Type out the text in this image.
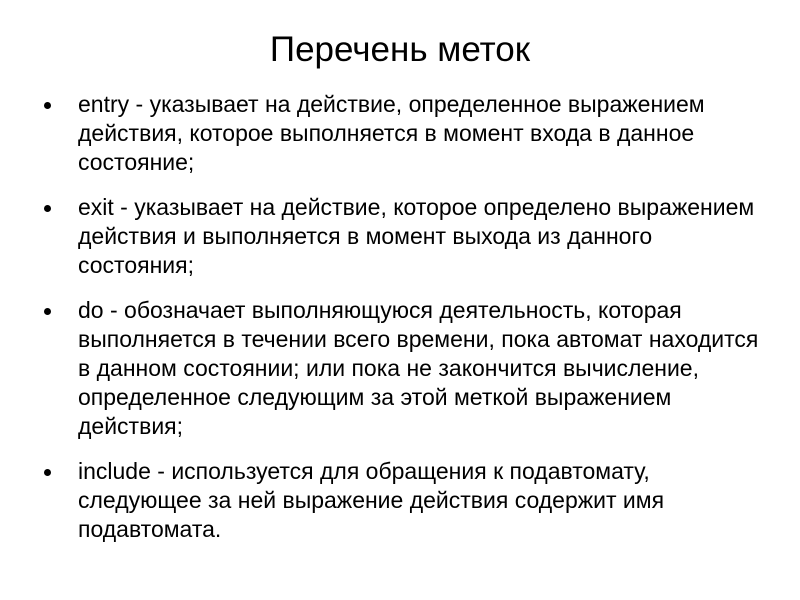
Перечень меток
entry - указывает на действие, определенное выражением действия, которое выполняется в момент входа в данное состояние;
exit - указывает на действие, которое определено выражением действия и выполняется в момент выхода из данного состояния;
do - обозначает выполняющуюся деятельность, которая выполняется в течении всего времени, пока автомат находится в данном состоянии; или пока не закончится вычисление, определенное следующим за этой меткой выражением действия;
include - используется для обращения к подавтомату, следующее за ней выражение действия содержит имя подавтомата.
